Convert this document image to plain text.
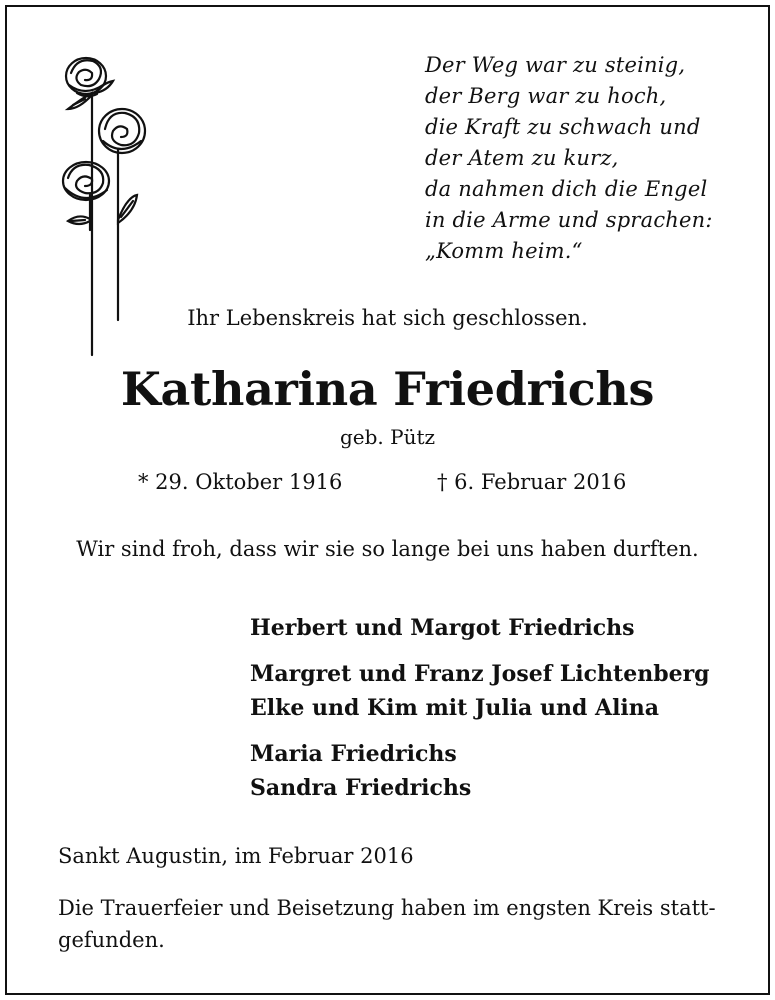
Der Weg war zu steinig,
der Berg war zu hoch,
die Kraft zu schwach und
der Atem zu kurz,
da nahmen dich die Engel
in die Arme und sprachen:
„Komm heim.“
Ihr Lebenskreis hat sich geschlossen.
Katharina Friedrichs
geb. Pütz
* 29. Oktober 1916	† 6. Februar 2016
Wir sind froh, dass wir sie so lange bei uns haben durften.
Herbert und Margot Friedrichs
Margret und Franz Josef Lichtenberg
Elke und Kim mit Julia und Alina
Maria Friedrichs
Sandra Friedrichs
Sankt Augustin, im Februar 2016
Die Trauerfeier und Beisetzung haben im engsten Kreis statt-
gefunden.
